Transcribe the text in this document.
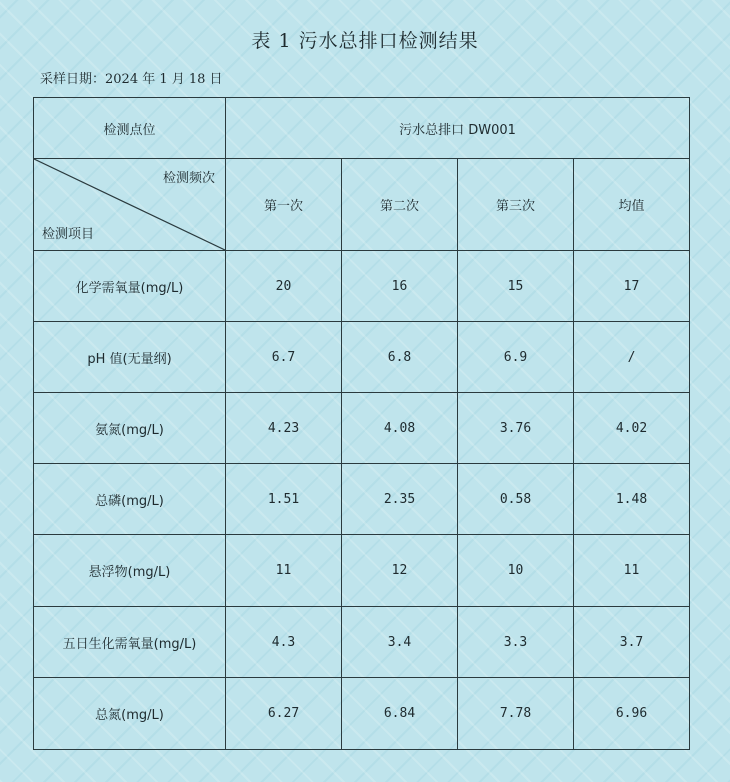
表 1 污水总排口检测结果
采样日期：2024 年 1 月 18 日
检测点位	污水总排口 DW001			

检测频次
检测项目	第一次	第二次	第三次	均值
化学需氧量(mg/L)	20	16	15	17
pH 值(无量纲)	6.7	6.8	6.9	/
氨氮(mg/L)	4.23	4.08	3.76	4.02
总磷(mg/L)	1.51	2.35	0.58	1.48
悬浮物(mg/L)	11	12	10	11
五日生化需氧量(mg/L)	4.3	3.4	3.3	3.7
总氮(mg/L)	6.27	6.84	7.78	6.96
